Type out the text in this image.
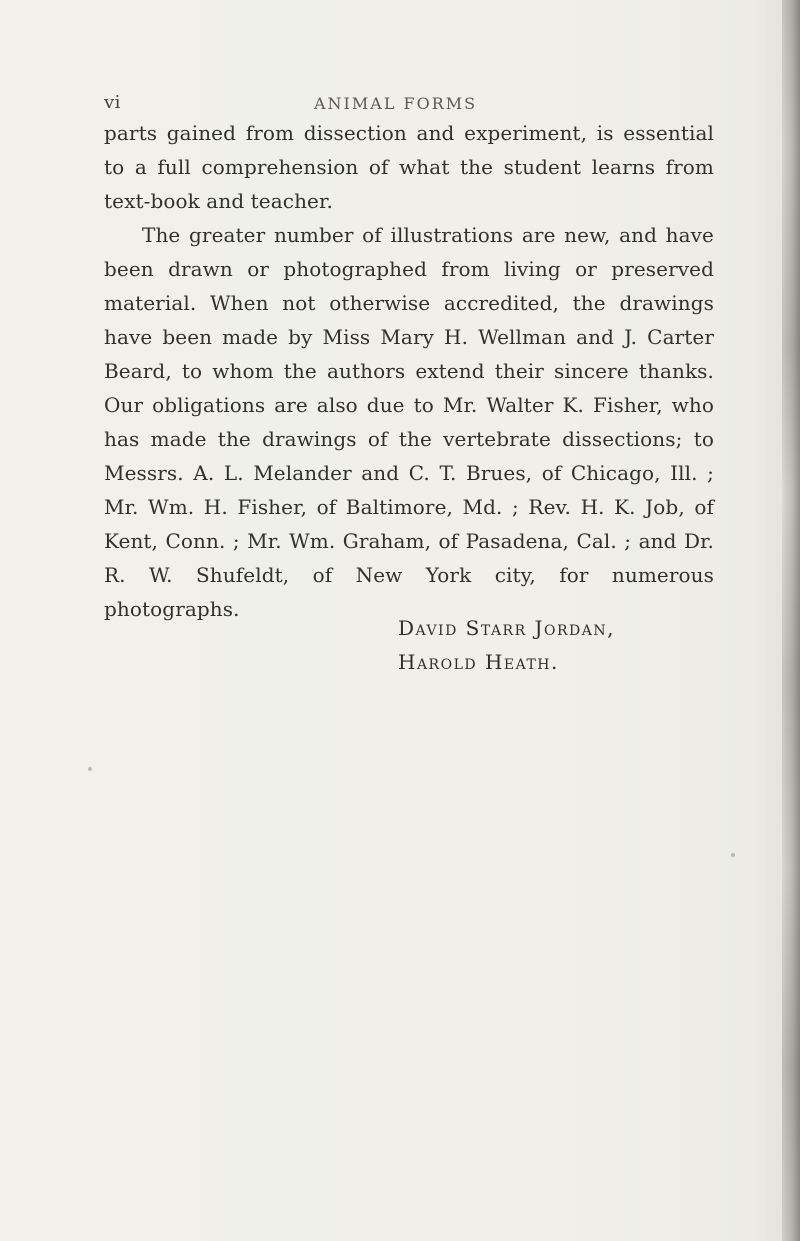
vi	ANIMAL FORMS

parts gained from dissection and experiment, is essential to a full comprehension of what the student learns from text-book and teacher.

The greater number of illustrations are new, and have been drawn or photographed from living or preserved material. When not otherwise accredited, the drawings have been made by Miss Mary H. Wellman and J. Carter Beard, to whom the authors extend their sincere thanks. Our obligations are also due to Mr. Walter K. Fisher, who has made the drawings of the vertebrate dissections; to Messrs. A. L. Melander and C. T. Brues, of Chicago, Ill. ; Mr. Wm. H. Fisher, of Baltimore, Md. ; Rev. H. K. Job, of Kent, Conn. ; Mr. Wm. Graham, of Pasadena, Cal. ; and Dr. R. W. Shufeldt, of New York city, for numerous photographs.

David Starr Jordan,
Harold Heath.
